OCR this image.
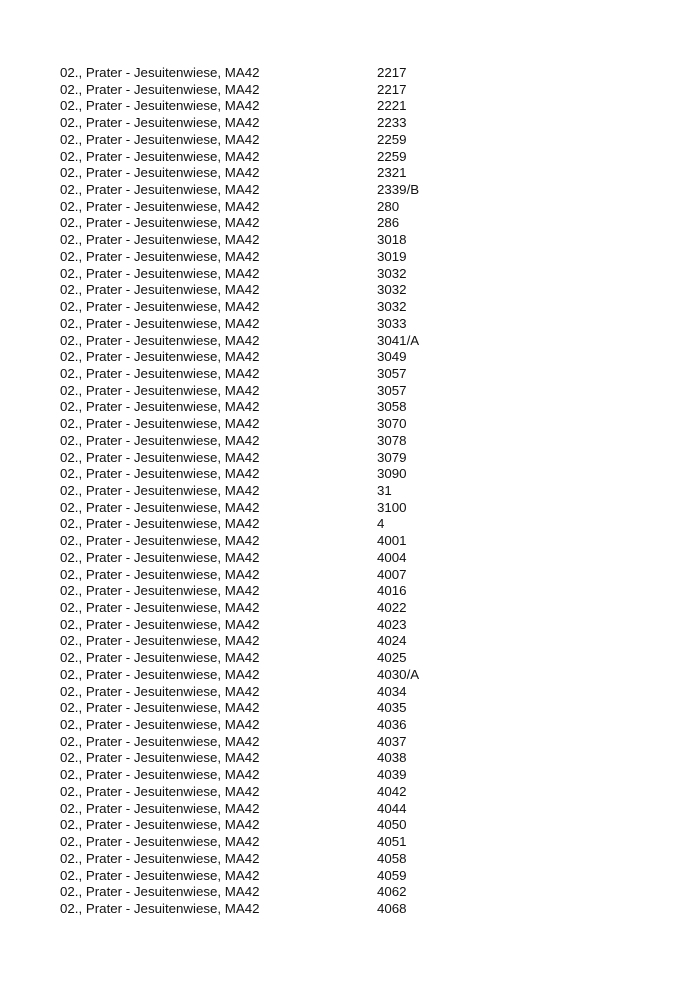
02., Prater - Jesuitenwiese, MA42	2217
02., Prater - Jesuitenwiese, MA42	2217
02., Prater - Jesuitenwiese, MA42	2221
02., Prater - Jesuitenwiese, MA42	2233
02., Prater - Jesuitenwiese, MA42	2259
02., Prater - Jesuitenwiese, MA42	2259
02., Prater - Jesuitenwiese, MA42	2321
02., Prater - Jesuitenwiese, MA42	2339/B
02., Prater - Jesuitenwiese, MA42	280
02., Prater - Jesuitenwiese, MA42	286
02., Prater - Jesuitenwiese, MA42	3018
02., Prater - Jesuitenwiese, MA42	3019
02., Prater - Jesuitenwiese, MA42	3032
02., Prater - Jesuitenwiese, MA42	3032
02., Prater - Jesuitenwiese, MA42	3032
02., Prater - Jesuitenwiese, MA42	3033
02., Prater - Jesuitenwiese, MA42	3041/A
02., Prater - Jesuitenwiese, MA42	3049
02., Prater - Jesuitenwiese, MA42	3057
02., Prater - Jesuitenwiese, MA42	3057
02., Prater - Jesuitenwiese, MA42	3058
02., Prater - Jesuitenwiese, MA42	3070
02., Prater - Jesuitenwiese, MA42	3078
02., Prater - Jesuitenwiese, MA42	3079
02., Prater - Jesuitenwiese, MA42	3090
02., Prater - Jesuitenwiese, MA42	31
02., Prater - Jesuitenwiese, MA42	3100
02., Prater - Jesuitenwiese, MA42	4
02., Prater - Jesuitenwiese, MA42	4001
02., Prater - Jesuitenwiese, MA42	4004
02., Prater - Jesuitenwiese, MA42	4007
02., Prater - Jesuitenwiese, MA42	4016
02., Prater - Jesuitenwiese, MA42	4022
02., Prater - Jesuitenwiese, MA42	4023
02., Prater - Jesuitenwiese, MA42	4024
02., Prater - Jesuitenwiese, MA42	4025
02., Prater - Jesuitenwiese, MA42	4030/A
02., Prater - Jesuitenwiese, MA42	4034
02., Prater - Jesuitenwiese, MA42	4035
02., Prater - Jesuitenwiese, MA42	4036
02., Prater - Jesuitenwiese, MA42	4037
02., Prater - Jesuitenwiese, MA42	4038
02., Prater - Jesuitenwiese, MA42	4039
02., Prater - Jesuitenwiese, MA42	4042
02., Prater - Jesuitenwiese, MA42	4044
02., Prater - Jesuitenwiese, MA42	4050
02., Prater - Jesuitenwiese, MA42	4051
02., Prater - Jesuitenwiese, MA42	4058
02., Prater - Jesuitenwiese, MA42	4059
02., Prater - Jesuitenwiese, MA42	4062
02., Prater - Jesuitenwiese, MA42	4068
